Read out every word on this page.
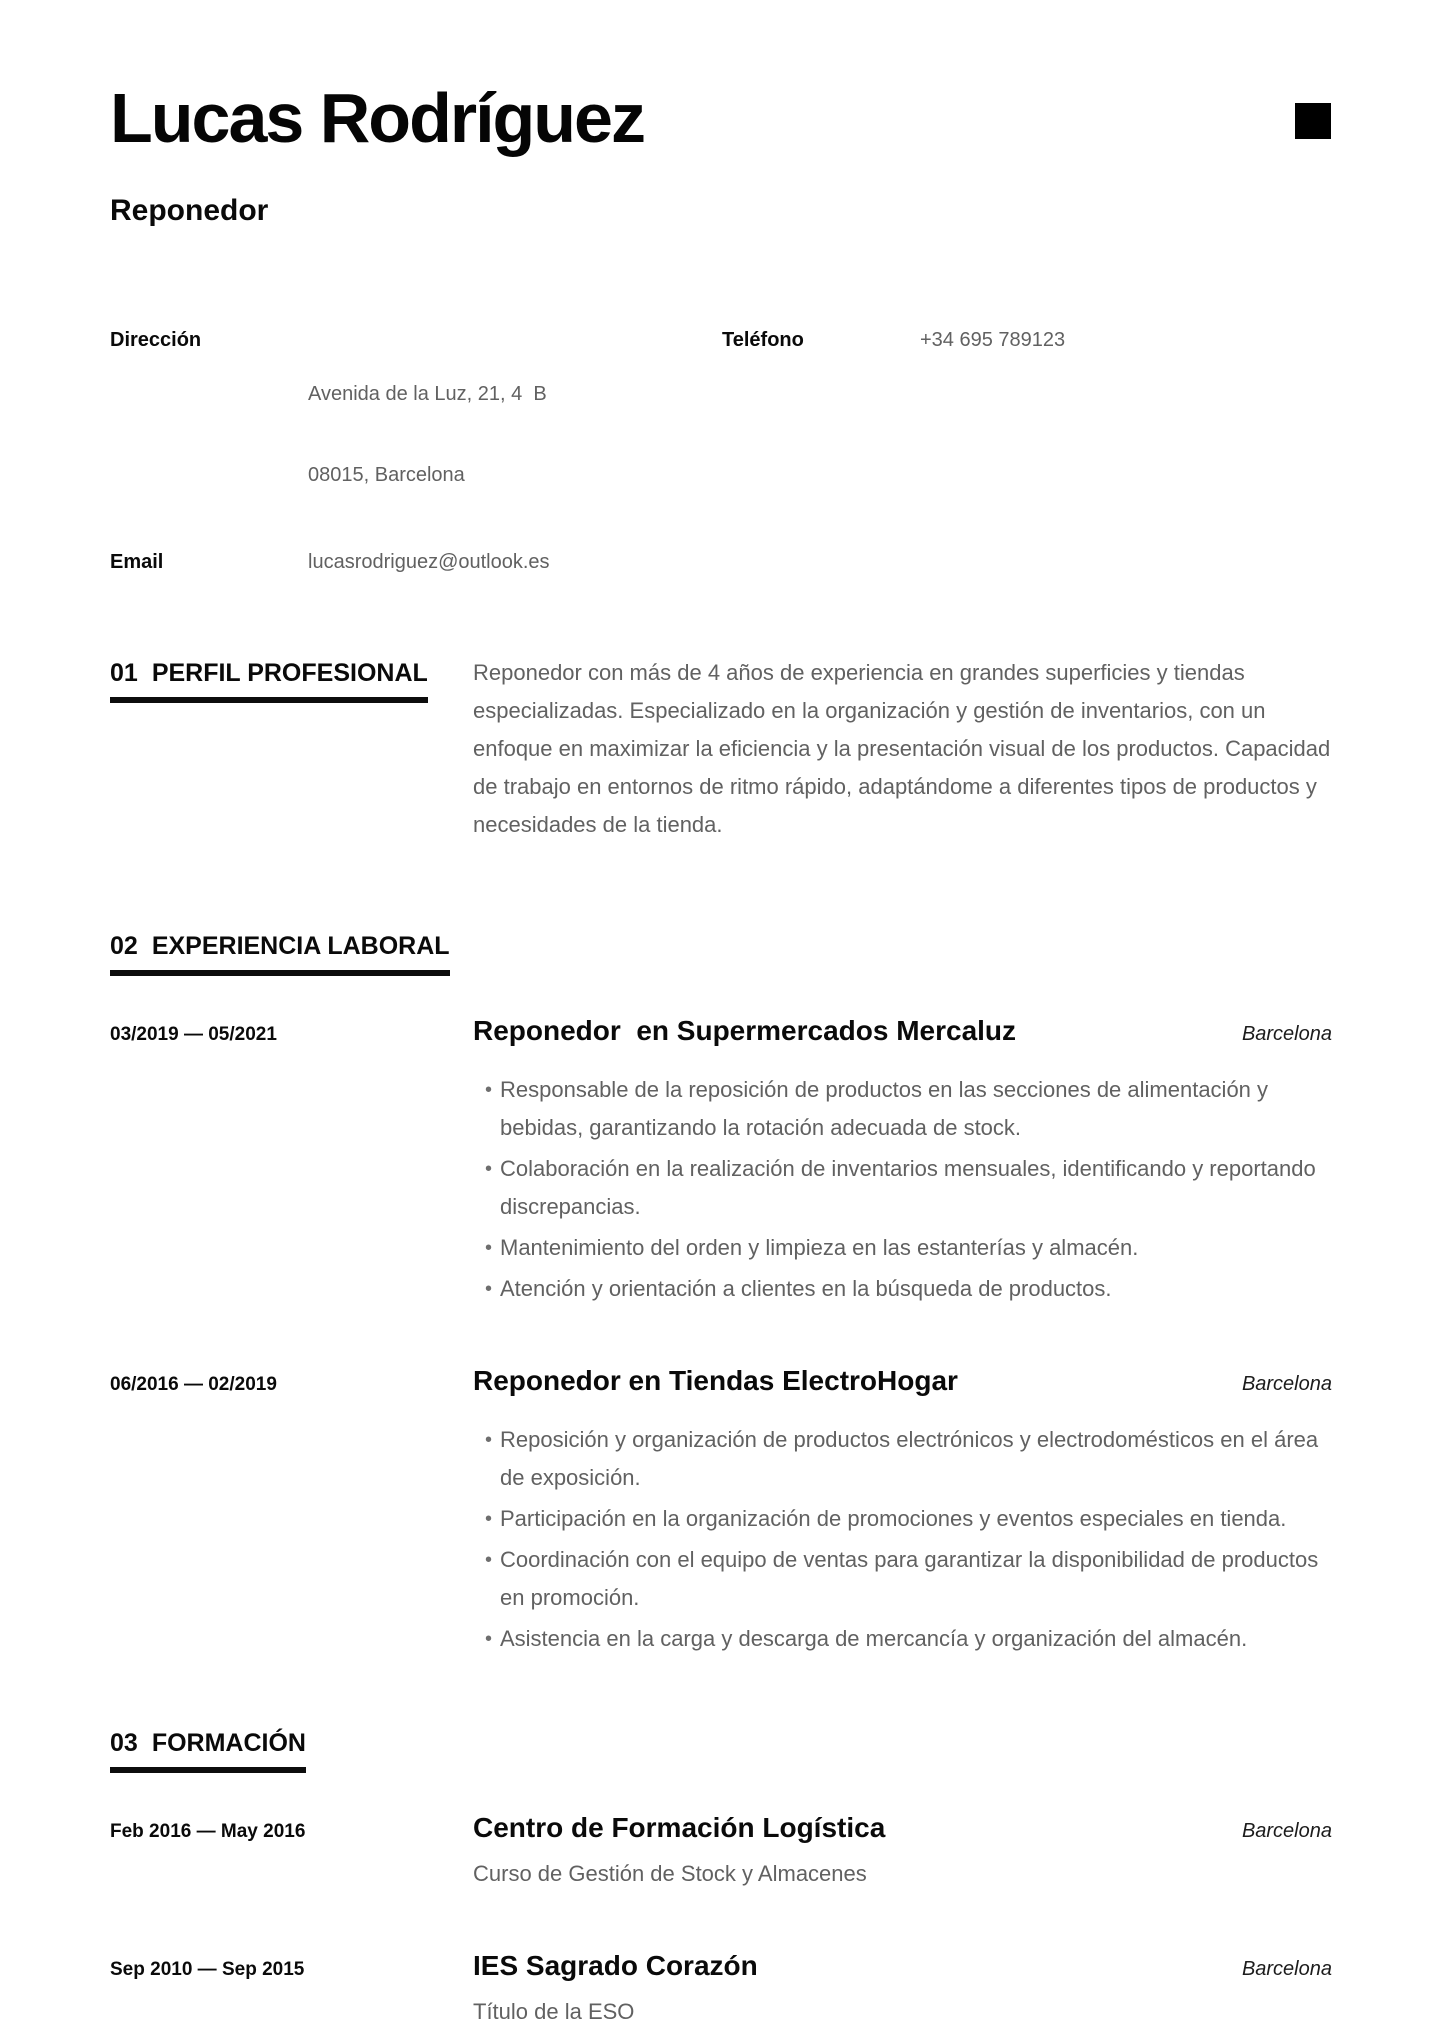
Lucas Rodríguez
Reponedor
Dirección

Avenida de la Luz, 21, 4  B

08015, Barcelona

Teléfono	+34 695 789123
Email	lucasrodriguez@outlook.es
01 PERFIL PROFESIONAL Reponedor con más de 4 años de experiencia en grandes superficies y tiendas especializadas. Especializado en la organización y gestión de inventarios, con un enfoque en maximizar la eficiencia y la presentación visual de los productos. Capacidad de trabajo en entornos de ritmo rápido, adaptándome a diferentes tipos de productos y necesidades de la tienda.

02 EXPERIENCIA LABORAL
03/2019 — 05/2021	Reponedor  en Supermercados Mercaluz	Barcelona
• Responsable de la reposición de productos en las secciones de alimentación y bebidas, garantizando la rotación adecuada de stock.
• Colaboración en la realización de inventarios mensuales, identificando y reportando discrepancias.
• Mantenimiento del orden y limpieza en las estanterías y almacén.
• Atención y orientación a clientes en la búsqueda de productos.
06/2016 — 02/2019	Reponedor en Tiendas ElectroHogar	Barcelona
• Reposición y organización de productos electrónicos y electrodomésticos en el área de exposición.
• Participación en la organización de promociones y eventos especiales en tienda.
• Coordinación con el equipo de ventas para garantizar la disponibilidad de productos en promoción.
• Asistencia en la carga y descarga de mercancía y organización del almacén.
03 FORMACIÓN
Feb 2016 — May 2016	Centro de Formación Logística	Barcelona
Curso de Gestión de Stock y Almacenes
Sep 2010 — Sep 2015	IES Sagrado Corazón	Barcelona
Título de la ESO
